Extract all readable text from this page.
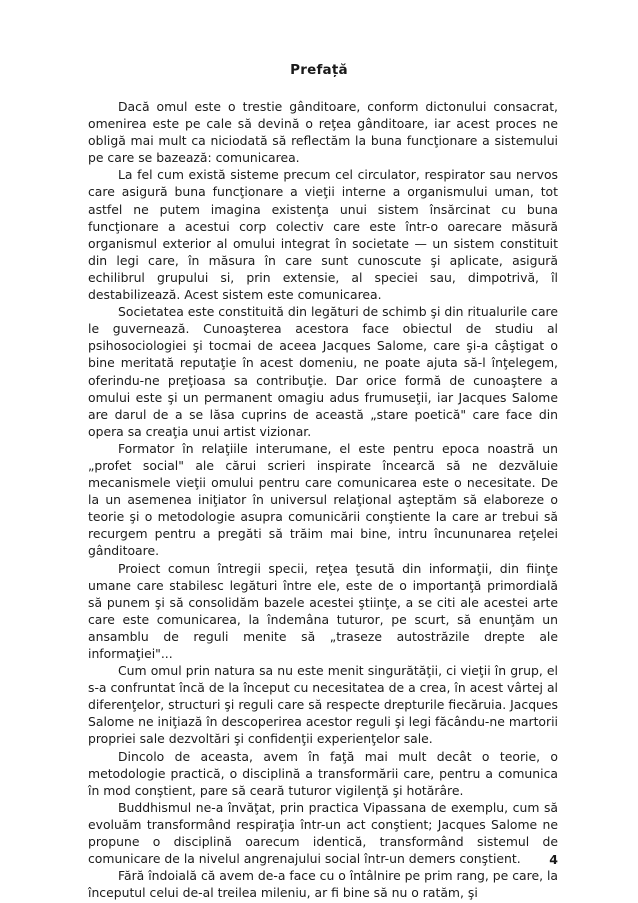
Prefață

Dacă omul este o trestie gânditoare, conform dictonului consacrat, omenirea este pe cale să devină o reţea gânditoare, iar acest proces ne obligă mai mult ca niciodată să reflectăm la buna funcţionare a sistemului pe care se bazează: comunicarea.

La fel cum există sisteme precum cel circulator, respirator sau nervos care asigură buna funcţionare a vieţii interne a organismului uman, tot astfel ne putem imagina existenţa unui sistem însărcinat cu buna funcţionare a acestui corp colectiv care este într-o oarecare măsură organismul exterior al omului integrat în societate — un sistem constituit din legi care, în măsura în care sunt cunoscute şi aplicate, asigură echilibrul grupului si, prin extensie, al speciei sau, dimpotrivă, îl destabilizează. Acest sistem este comunicarea.

Societatea este constituită din legături de schimb şi din ritualurile care le guvernează. Cunoaşterea acestora face obiectul de studiu al psihosociologiei şi tocmai de aceea Jacques Salome, care şi-a câştigat o bine meritată reputaţie în acest domeniu, ne poate ajuta să-l înţelegem, oferindu-ne preţioasa sa contribuţie. Dar orice formă de cunoaştere a omului este şi un permanent omagiu adus frumuseţii, iar Jacques Salome are darul de a se lăsa cuprins de această „stare poetică" care face din opera sa creaţia unui artist vizionar.

Formator în relaţiile interumane, el este pentru epoca noastră un „profet social" ale cărui scrieri inspirate încearcă să ne dezvăluie mecanismele vieţii omului pentru care comunicarea este o necesitate. De la un asemenea iniţiator în universul relaţional aşteptăm să elaboreze o teorie şi o metodologie asupra comunicării conştiente la care ar trebui să recurgem pentru a pregăti să trăim mai bine, intru încununarea reţelei gânditoare.

Proiect comun întregii specii, reţea ţesută din informaţii, din fiinţe umane care stabilesc legături între ele, este de o importanţă primordială să punem şi să consolidăm bazele acestei ştiinţe, a se citi ale acestei arte care este comunicarea, la îndemâna tuturor, pe scurt, să enunţăm un ansamblu de reguli menite să „traseze autostrăzile drepte ale informaţiei"...

Cum omul prin natura sa nu este menit singurătăţii, ci vieţii în grup, el s-a confruntat încă de la început cu necesitatea de a crea, în acest vârtej al diferenţelor, structuri şi reguli care să respecte drepturile fiecăruia. Jacques Salome ne iniţiază în descoperirea acestor reguli şi legi făcându-ne martorii propriei sale dezvoltări şi confidenţii experienţelor sale.

Dincolo de aceasta, avem în faţă mai mult decât o teorie, o metodologie practică, o disciplină a transformării care, pentru a comunica în mod conştient, pare să ceară tuturor vigilenţă şi hotărâre.

Buddhismul ne-a învăţat, prin practica Vipassana de exemplu, cum să evoluăm transformând respiraţia într-un act conştient; Jacques Salome ne propune o disciplină oarecum identică, transformând sistemul de comunicare de la nivelul angrenajului social într-un demers conştient.

Fără îndoială că avem de-a face cu o întâlnire pe prim rang, pe care, la începutul celui de-al treilea mileniu, ar fi bine să nu o ratăm, şi

4
